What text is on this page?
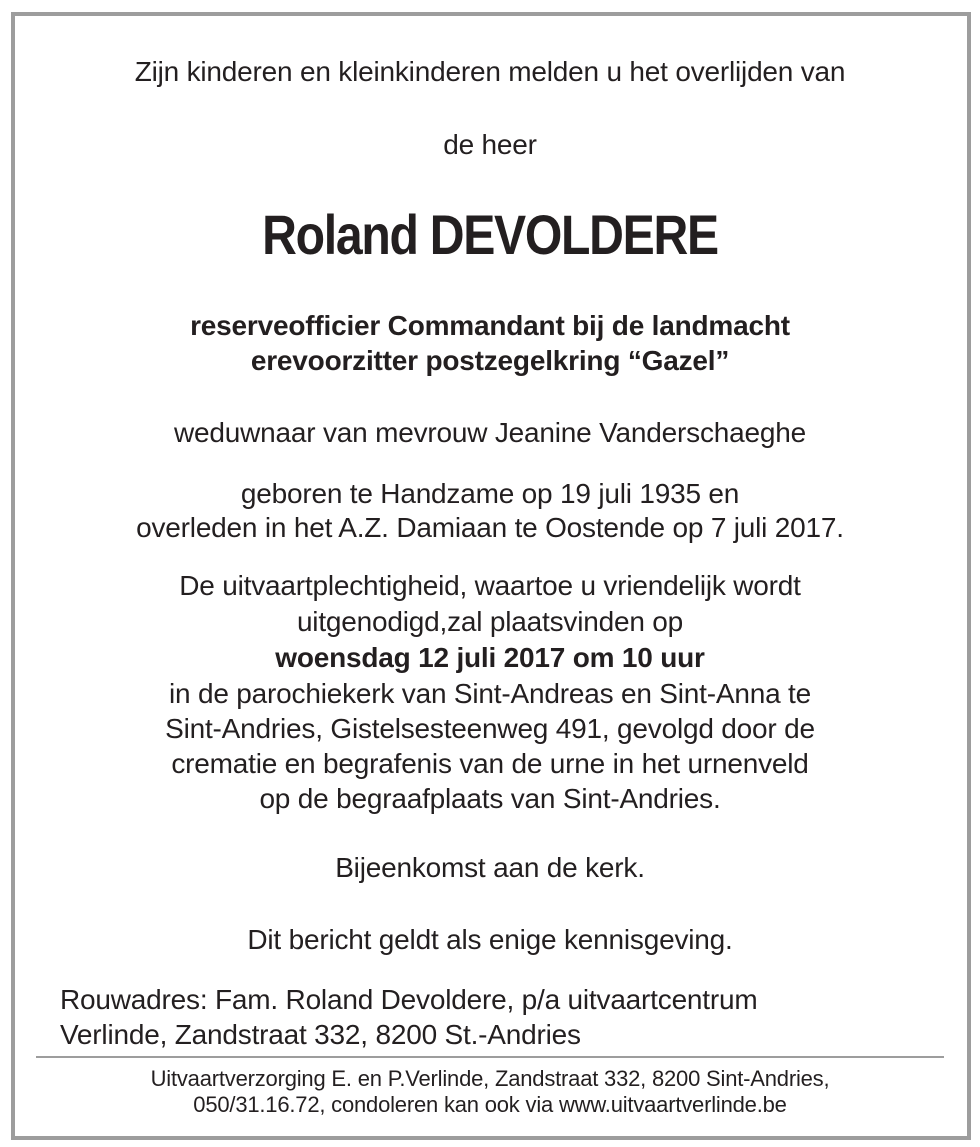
Zijn kinderen en kleinkinderen melden u het overlijden van
de heer
Roland DEVOLDERE
reserveofficier Commandant bij de landmacht
erevoorzitter postzegelkring “Gazel”
weduwnaar van mevrouw Jeanine Vanderschaeghe
geboren te Handzame op 19 juli 1935 en
overleden in het A.Z. Damiaan te Oostende op 7 juli 2017.
De uitvaartplechtigheid, waartoe u vriendelijk wordt
uitgenodigd,zal plaatsvinden op
woensdag 12 juli 2017 om 10 uur
in de parochiekerk van Sint-Andreas en Sint-Anna te
Sint-Andries, Gistelsesteenweg 491, gevolgd door de
crematie en begrafenis van de urne in het urnenveld
op de begraafplaats van Sint-Andries.
Bijeenkomst aan de kerk.
Dit bericht geldt als enige kennisgeving.
Rouwadres: Fam. Roland Devoldere, p/a uitvaartcentrum
Verlinde, Zandstraat 332, 8200 St.-Andries
Uitvaartverzorging E. en P.Verlinde, Zandstraat 332, 8200 Sint-Andries,
050/31.16.72, condoleren kan ook via www.uitvaartverlinde.be
